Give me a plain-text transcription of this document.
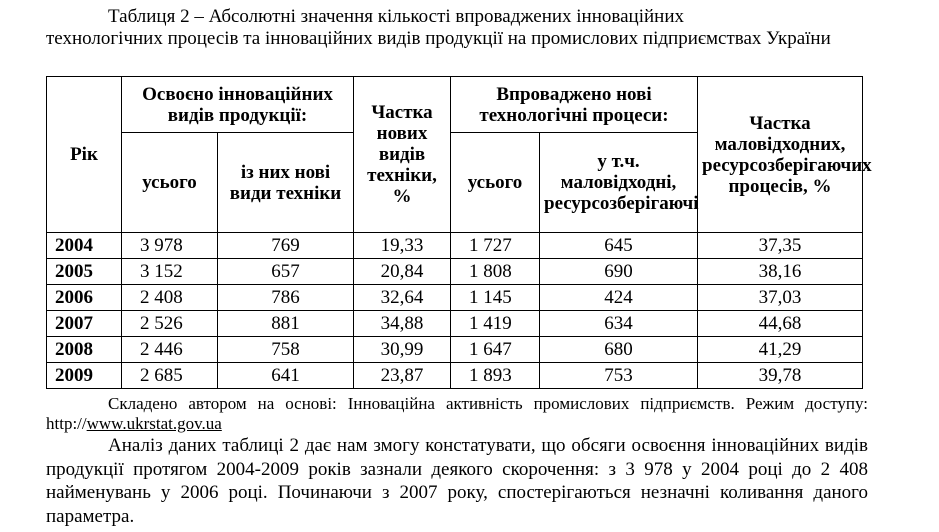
Таблиця 2 – Абсолютні значення кількості впроваджених інноваційних
технологічних процесів та інноваційних видів продукції на промислових підприємствах України
Рік	Освоєно інноваційних видів продукції:		Частка нових видів техніки, %	Впроваджено нові технологічні процеси:		Частка маловідходних, ресурсозберігаючих процесів, %
	усього	із них нові види техніки		усього	у т.ч. маловідходні, ресурсозберігаючі	
2004	3 978	769	19,33	1 727	645	37,35
2005	3 152	657	20,84	1 808	690	38,16
2006	2 408	786	32,64	1 145	424	37,03
2007	2 526	881	34,88	1 419	634	44,68
2008	2 446	758	30,99	1 647	680	41,29
2009	2 685	641	23,87	1 893	753	39,78
Складено автором на основі: Інноваційна активність промислових підприємств. Режим доступу:
http://www.ukrstat.gov.ua
Аналіз даних таблиці 2 дає нам змогу констатувати, що обсяги освоєння інноваційних видів продукції протягом 2004-2009 років зазнали деякого скорочення: з 3 978 у 2004 році до 2 408 найменувань у 2006 році. Починаючи з 2007 року, спостерігаються незначні коливання даного параметра.
